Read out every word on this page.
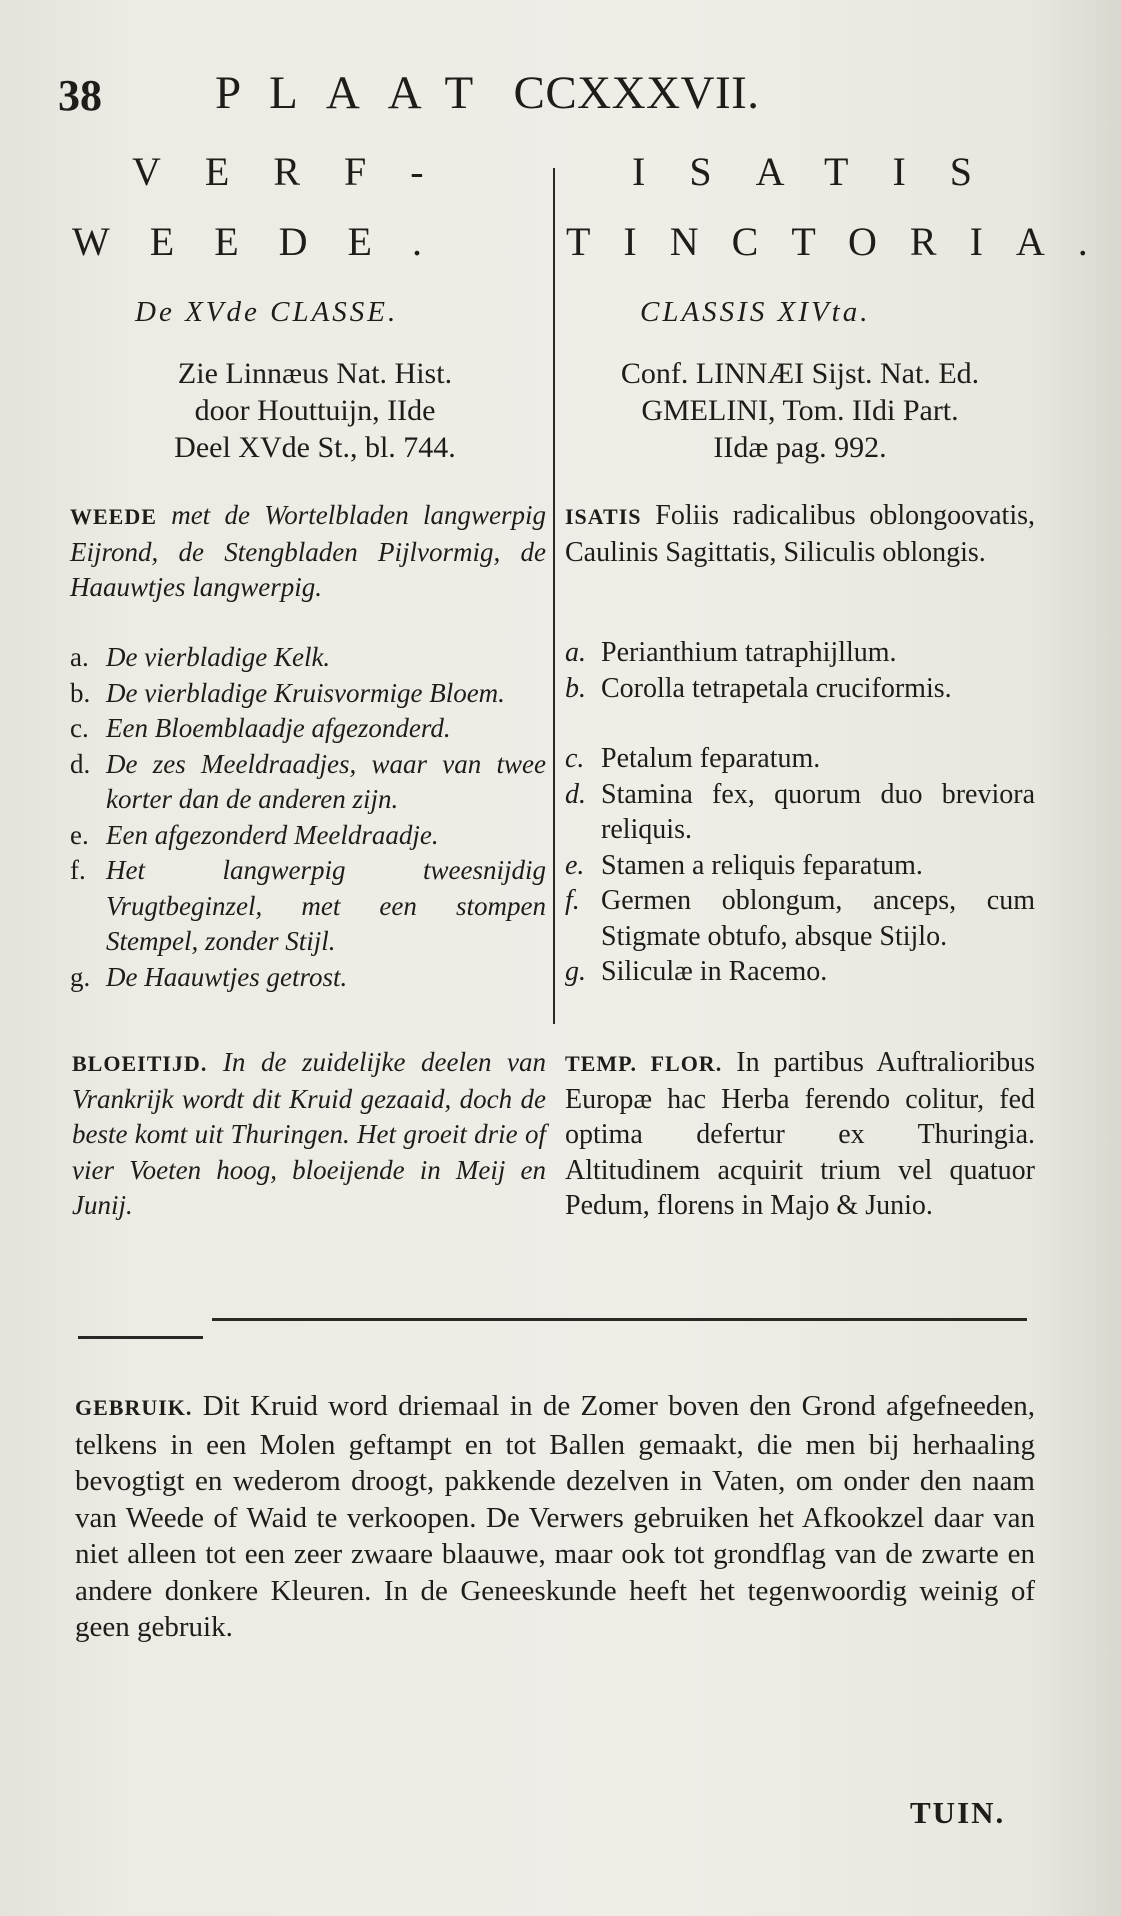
38 PLAAT CCXXXVII.
VERF-
WEEDE.
De XVde CLASSE.
Zie Linnæus Nat. Hist.
door Houttuijn, IIde
Deel XVde St., bl. 744.
ISATIS
TINCTORIA.
CLASSIS XIVta.
Conf. LINNÆI Sijst. Nat. Ed.
GMELINI, Tom. IIdi Part.
IIdæ pag. 992.
WEEDE met de Wortelbladen langwerpig Eijrond, de Stengbladen Pijlvormig, de Haauwtjes langwerpig.
a. De vierbladige Kelk.
b. De vierbladige Kruisvormige Bloem.
c. Een Bloemblaadje afgezonderd.
d. De zes Meeldraadjes, waar van twee korter dan de anderen zijn.
e. Een afgezonderd Meeldraadje.
f. Het langwerpig tweesnijdig Vrugtbeginzel, met een stompen Stempel, zonder Stijl.
g. De Haauwtjes getrost.
ISATIS Foliis radicalibus oblongoovatis, Caulinis Sagittatis, Siliculis oblongis.
a. Perianthium tatraphijllum.
b. Corolla tetrapetala cruciformis.
c. Petalum feparatum.
d. Stamina fex, quorum duo breviora reliquis.
e. Stamen a reliquis feparatum.
f. Germen oblongum, anceps, cum Stigmate obtufo, absque Stijlo.
g. Siliculæ in Racemo.
BLOEITIJD. In de zuidelijke deelen van Vrankrijk wordt dit Kruid gezaaid, doch de beste komt uit Thuringen. Het groeit drie of vier Voeten hoog, bloeijende in Meij en Junij.
TEMP. FLOR. In partibus Auftralioribus Europæ hac Herba ferendo colitur, fed optima defertur ex Thuringia. Altitudinem acquirit trium vel quatuor Pedum, florens in Majo & Junio.
GEBRUIK. Dit Kruid word driemaal in de Zomer boven den Grond afgefneeden, telkens in een Molen geftampt en tot Ballen gemaakt, die men bij herhaaling bevogtigt en wederom droogt, pakkende dezelven in Vaten, om onder den naam van Weede of Waid te verkoopen. De Verwers gebruiken het Afkookzel daar van niet alleen tot een zeer zwaare blaauwe, maar ook tot grondflag van de zwarte en andere donkere Kleuren. In de Geneeskunde heeft het tegenwoordig weinig of geen gebruik.
TUIN.
